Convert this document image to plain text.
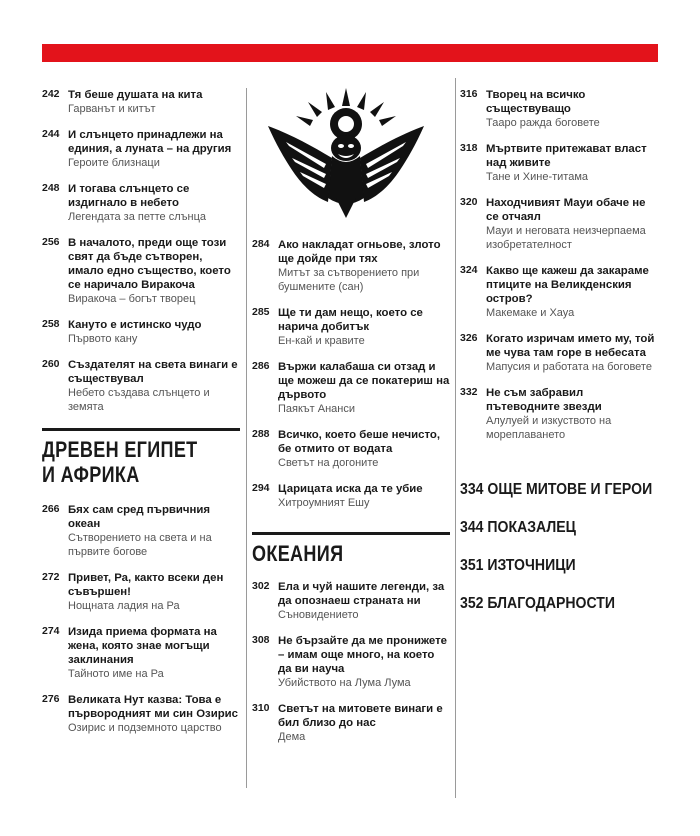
242 Тя беше душата на кита
Гарванът и китът
244 И слънцето принадлежи на единия, а луната – на другия
Героите близнаци
248 И тогава слънцето се издигнало в небето
Легендата за петте слънца
256 В началото, преди още този свят да бъде сътворен, имало едно същество, което се наричало Виракоча
Виракоча – богът творец
258 Кануто е истинско чудо
Първото кану
260 Създателят на света винаги е съществувал
Небето създава слънцето и земята
ДРЕВЕН ЕГИПЕТ
И АФРИКА
266 Бях сам сред първичния океан
Сътворението на света и на първите богове
272 Привет, Ра, както всеки ден съвършен!
Нощната ладия на Ра
274 Изида приема формата на жена, която знае могъщи заклинания
Тайното име на Ра
276 Великата Нут казва: Това е първородният ми син Озирис
Озирис и подземното царство
284 Ако накладат огньове, злото ще дойде при тях
Митът за сътворението при бушмените (сан)
285 Ще ти дам нещо, което се нарича добитък
Ен-кай и кравите
286 Вържи калабаша си отзад и ще можеш да се покатериш на дървото
Паякът Ананси
288 Всичко, което беше нечисто, бе отмито от водата
Светът на догоните
294 Царицата иска да те убие
Хитроумният Ешу
ОКЕАНИЯ
302 Ела и чуй нашите легенди, за да опознаеш страната ни
Съновидението
308 Не бързайте да ме пронижете – имам още много, на което да ви науча
Убийството на Лума Лума
310 Светът на митовете винаги е бил близо до нас
Дема
316 Творец на всичко съществуващо
Тааро ражда боговете
318 Мъртвите притежават власт над живите
Тане и Хине-титама
320 Находчивият Мауи обаче не се отчаял
Мауи и неговата неизчерпаема изобретателност
324 Какво ще кажеш да закараме птиците на Великденския остров?
Макемаке и Хауа
326 Когато изричам името му, той ме чува там горе в небесата
Мапусия и работата на боговете
332 Не съм забравил пътеводните звезди
Алулуей и изкуството на мореплаването
334 ОЩЕ МИТОВЕ И ГЕРОИ
344 ПОКАЗАЛЕЦ
351 ИЗТОЧНИЦИ
352 БЛАГОДАРНОСТИ
